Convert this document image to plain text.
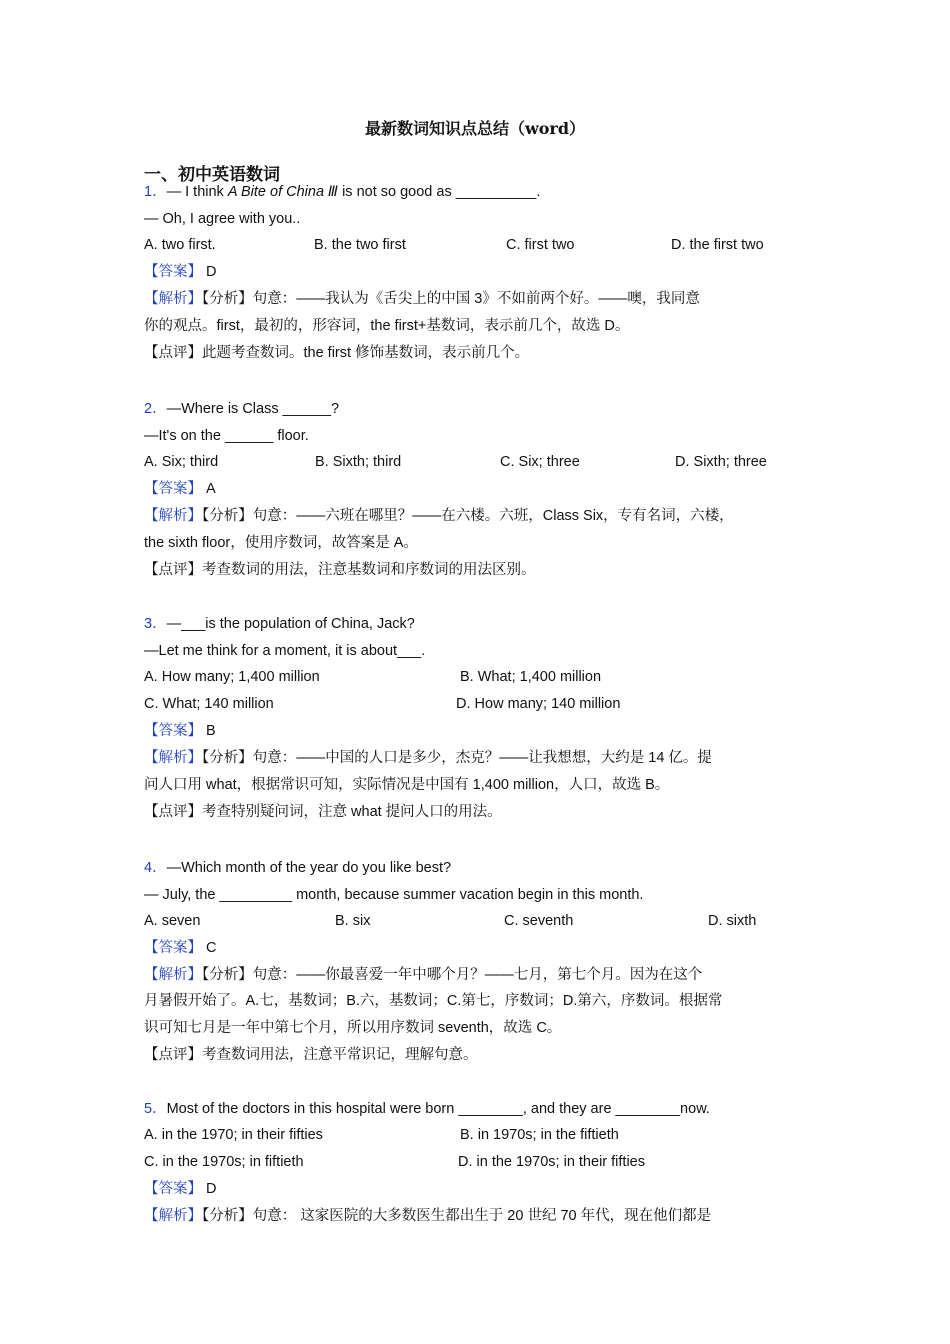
最新数词知识点总结（word）
一、初中英语数词
1．— I think A Bite of China Ⅲ is not so good as __________.
— Oh, I agree with you..
A. two first.	B. the two first	C. first two	D. the first two
【答案】 D
【解析】【分析】句意：——我认为《舌尖上的中国 3》不如前两个好。——噢，我同意
你的观点。first，最初的，形容词，the first+基数词，表示前几个，故选 D。
【点评】此题考查数词。the first 修饰基数词，表示前几个。
2．—Where is Class ______?
—It's on the ______ floor.
A. Six; third	B. Sixth; third	C. Six; three	D. Sixth; three
【答案】 A
【解析】【分析】句意：——六班在哪里？——在六楼。六班，Class Six，专有名词，六楼，
the sixth floor，使用序数词，故答案是 A。
【点评】考查数词的用法，注意基数词和序数词的用法区别。
3．—___is the population of China, Jack?
—Let me think for a moment, it is about___.
A. How many; 1,400 million	B. What; 1,400 million
C. What; 140 million	D. How many; 140 million
【答案】 B
【解析】【分析】句意：——中国的人口是多少，杰克？——让我想想，大约是 14 亿。提
问人口用 what，根据常识可知，实际情况是中国有 1,400 million，人口，故选 B。
【点评】考查特别疑问词，注意 what 提问人口的用法。
4．—Which month of the year do you like best?
— July, the _________ month, because summer vacation begin in this month.
A. seven	B. six	C. seventh	D. sixth
【答案】 C
【解析】【分析】句意：——你最喜爱一年中哪个月？——七月，第七个月。因为在这个
月暑假开始了。A.七，基数词；B.六，基数词；C.第七，序数词；D.第六，序数词。根据常
识可知七月是一年中第七个月，所以用序数词 seventh，故选 C。
【点评】考查数词用法，注意平常识记，理解句意。
5．Most of the doctors in this hospital were born ________, and they are ________now.
A. in the 1970; in their fifties	B. in 1970s; in the fiftieth
C. in the 1970s; in fiftieth	D. in the 1970s; in their fifties
【答案】 D
【解析】【分析】句意： 这家医院的大多数医生都出生于 20 世纪 70 年代，现在他们都是
